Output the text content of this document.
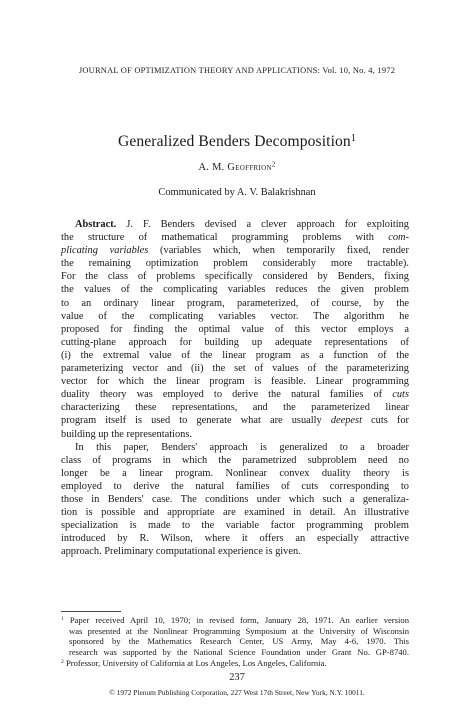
JOURNAL OF OPTIMIZATION THEORY AND APPLICATIONS: Vol. 10, No. 4, 1972
Generalized Benders Decomposition$^1$
A. M. Geoffrion$^2$
Communicated by A. V. Balakrishnan
Abstract. J. F. Benders devised a clever approach for exploiting
the structure of mathematical programming problems with com-
plicating variables (variables which, when temporarily fixed, render
the remaining optimization problem considerably more tractable).
For the class of problems specifically considered by Benders, fixing
the values of the complicating variables reduces the given problem
to an ordinary linear program, parameterized, of course, by the
value of the complicating variables vector. The algorithm he
proposed for finding the optimal value of this vector employs a
cutting-plane approach for building up adequate representations of
(i) the extremal value of the linear program as a function of the
parameterizing vector and (ii) the set of values of the parameterizing
vector for which the linear program is feasible. Linear programming
duality theory was employed to derive the natural families of cuts
characterizing these representations, and the parameterized linear
program itself is used to generate what are usually deepest cuts for
building up the representations.
In this paper, Benders' approach is generalized to a broader
class of programs in which the parametrized subproblem need no
longer be a linear program. Nonlinear convex duality theory is
employed to derive the natural families of cuts corresponding to
those in Benders' case. The conditions under which such a generaliza-
tion is possible and appropriate are examined in detail. An illustrative
specialization is made to the variable factor programming problem
introduced by R. Wilson, where it offers an especially attractive
approach. Preliminary computational experience is given.
$^1$ Paper received April 10, 1970; in revised form, January 28, 1971. An earlier version
was presented at the Nonlinear Programming Symposium at the University of Wisconsin
sponsored by the Mathematics Research Center, US Army, May 4-6, 1970. This
research was supported by the National Science Foundation under Grant No. GP-8740.
$^2$ Professor, University of California at Los Angeles, Los Angeles, California.
237
© 1972 Plenum Publishing Corporation, 227 West 17th Street, New York, N.Y. 10011.
